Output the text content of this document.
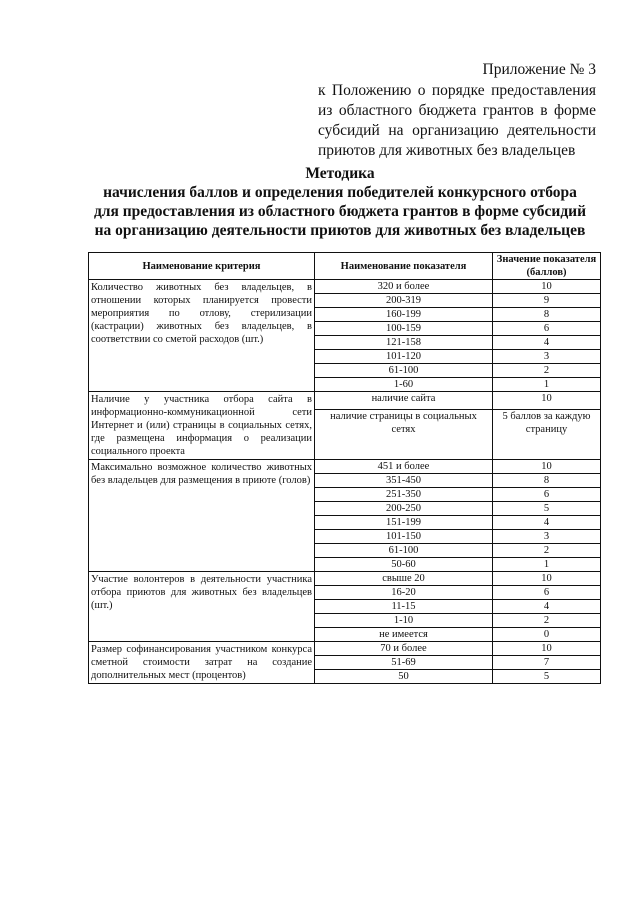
Приложение № 3
к Положению о порядке предоставления из областного бюджета грантов в форме субсидий на организацию деятельности приютов для животных без владельцев
Методика
начисления баллов и определения победителей конкурсного отбора
для предоставления из областного бюджета грантов в форме субсидий
на организацию деятельности приютов для животных без владельцев
Наименование критерия	Наименование показателя	Значение показателя (баллов)
Количество животных без владельцев, в отношении которых планируется провести мероприятия по отлову, стерилизации (кастрации) животных без владельцев, в соответствии со сметой расходов (шт.)	320 и более	10
	200-319	9
	160-199	8
	100-159	6
	121-158	4
	101-120	3
	61-100	2
	1-60	1
Наличие у участника отбора сайта в информационно-коммуникационной сети Интернет и (или) страницы в социальных сетях, где размещена информация о реализации социального проекта	наличие сайта	10
	наличие страницы в социальных сетях	5 баллов за каждую страницу
Максимально возможное количество животных без владельцев для размещения в приюте (голов)	451 и более	10
	351-450	8
	251-350	6
	200-250	5
	151-199	4
	101-150	3
	61-100	2
	50-60	1
Участие волонтеров в деятельности участника отбора приютов для животных без владельцев (шт.)	свыше 20	10
	16-20	6
	11-15	4
	1-10	2
	не имеется	0
Размер софинансирования участником конкурса сметной стоимости затрат на создание дополнительных мест (процентов)	70 и более	10
	51-69	7
	50	5
